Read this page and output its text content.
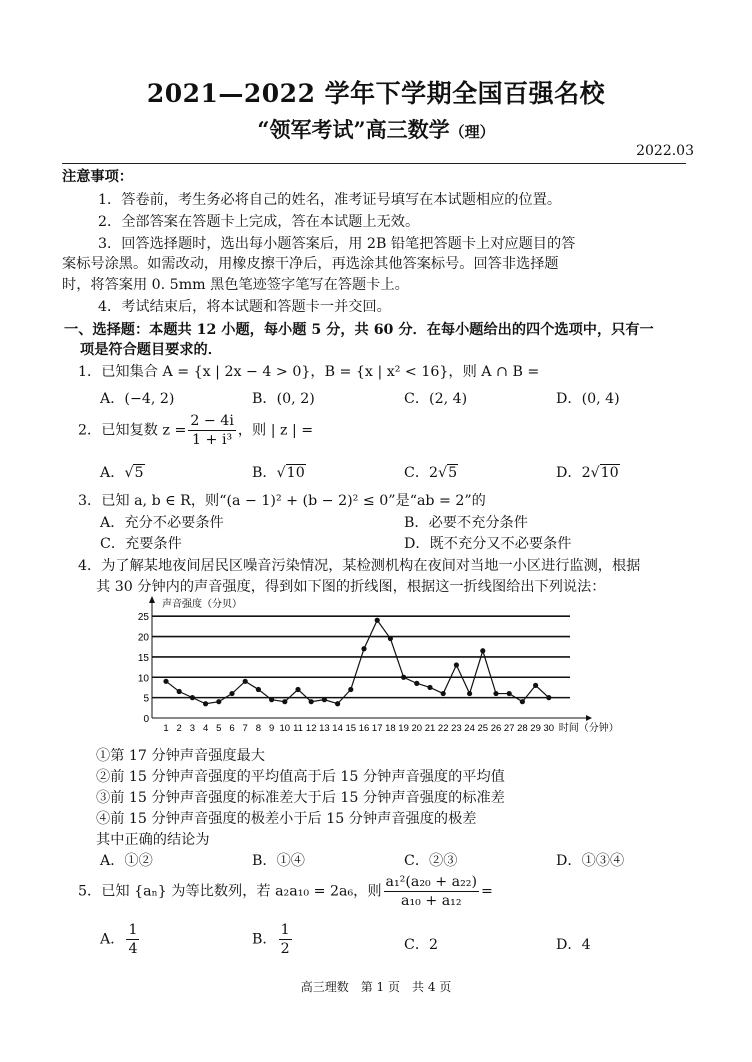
2021—2022 学年下学期全国百强名校
“领军考试”高三数学（理）
2022.03
注意事项：
1．答卷前，考生务必将自己的姓名，准考证号填写在本试题相应的位置。
2．全部答案在答题卡上完成，答在本试题上无效。
3．回答选择题时，选出每小题答案后，用 2B 铅笔把答题卡上对应题目的答
案标号涂黑。如需改动，用橡皮擦干净后，再选涂其他答案标号。回答非选择题
时，将答案用 0. 5mm 黑色笔迹签字笔写在答题卡上。
4．考试结束后，将本试题和答题卡一并交回。
一、选择题：本题共 12 小题，每小题 5 分，共 60 分．在每小题给出的四个选项中，只有一
项是符合题目要求的．
1．已知集合 A = {x | 2x − 4 > 0}，B = {x | x² < 16}，则 A ∩ B =
A．(−4, 2)	B．(0, 2)	C．(2, 4)	D．(0, 4)
2．已知复数 $z = \frac{2 - 4i}{\text{1 + i³}}$ ，则 | z | =
A．√5	B．√10	C．2√5	D．2√10
3．已知 a, b ∈ R，则“(a − 1)² + (b − 2)² ≤ 0”是“ab = 2”的
A．充分不必要条件	B．必要不充分条件
C．充要条件	D．既不充分又不必要条件
4．为了解某地夜间居民区噪音污染情况，某检测机构在夜间对当地一小区进行监测，根据
其 30 分钟内的声音强度，得到如下图的折线图，根据这一折线图给出下列说法：
0
5
10
15
20
25
1 2 3 4 5 6 7 8 9 10 11 12 13 14 15 16 17 18 19 20 21 22 23 24 25 26 27 28 29 30
声音强度（分贝）
时间（分钟）
①第 17 分钟声音强度最大
②前 15 分钟声音强度的平均值高于后 15 分钟声音强度的平均值
③前 15 分钟声音强度的标准差大于后 15 分钟声音强度的标准差
④前 15 分钟声音强度的极差小于后 15 分钟声音强度的极差
其中正确的结论为
A．①②	B．①④	C．②③	D．①③④
5．已知 {aₙ} 为等比数列，若 a₂a₁₀ = 2a₆，则 $\frac{\text{a₁²(a₂₀ + a₂₂)}}{\text{a₁₀ + a₁₂}}$ =
A． $\frac{1}{4}$	B． $\frac{1}{2}$	C．2	D．4
高三理数　第 1 页　共 4 页
